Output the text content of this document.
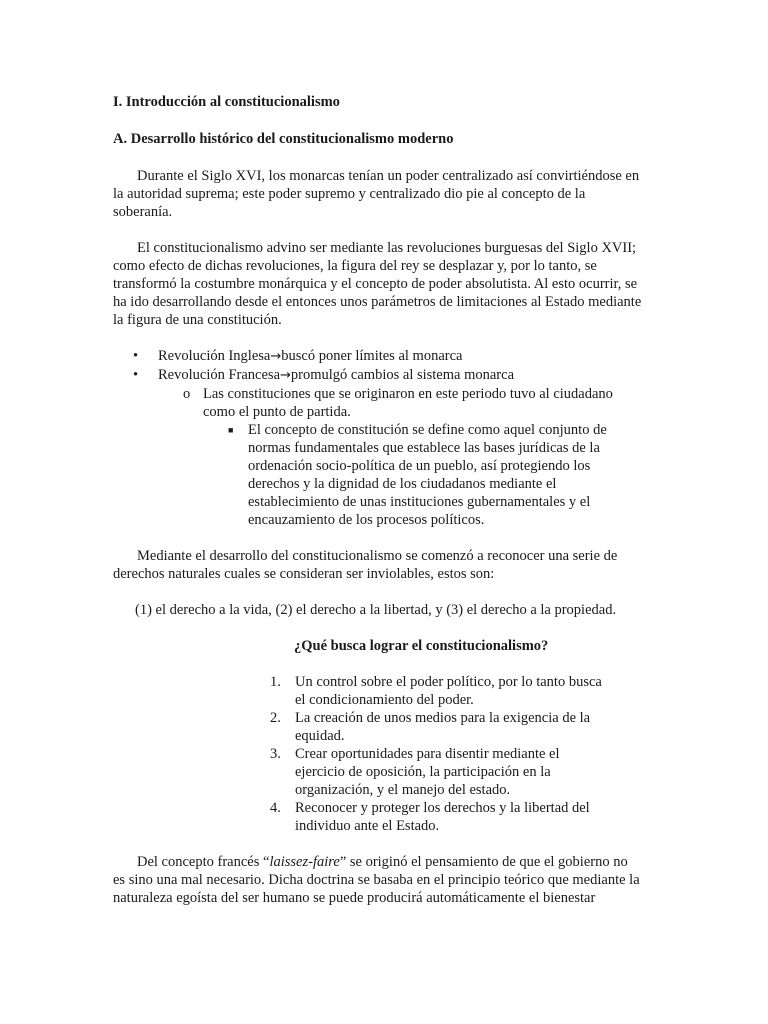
I. Introducción al constitucionalismo
A. Desarrollo histórico del constitucionalismo moderno

Durante el Siglo XVI, los monarcas tenían un poder centralizado así convirtiéndose en la autoridad suprema; este poder supremo y centralizado dio pie al concepto de la soberanía.

El constitucionalismo advino ser mediante las revoluciones burguesas del Siglo XVII; como efecto de dichas revoluciones, la figura del rey se desplazar y, por lo tanto, se transformó la costumbre monárquica y el concepto de poder absolutista. Al esto ocurrir, se ha ido desarrollando desde el entonces unos parámetros de limitaciones al Estado mediante la figura de una constitución.

• Revolución Inglesa→buscó poner límites al monarca
• Revolución Francesa→promulgó cambios al sistema monarca
o Las constituciones que se originaron en este periodo tuvo al ciudadano como el punto de partida.
■ El concepto de constitución se define como aquel conjunto de normas fundamentales que establece las bases jurídicas de la ordenación socio-política de un pueblo, así protegiendo los derechos y la dignidad de los ciudadanos mediante el establecimiento de unas instituciones gubernamentales y el encauzamiento de los procesos políticos.

Mediante el desarrollo del constitucionalismo se comenzó a reconocer una serie de derechos naturales cuales se consideran ser inviolables, estos son:

(1) el derecho a la vida, (2) el derecho a la libertad, y (3) el derecho a la propiedad.
¿Qué busca lograr el constitucionalismo?
1. Un control sobre el poder político, por lo tanto busca el condicionamiento del poder.
2. La creación de unos medios para la exigencia de la equidad.
3. Crear oportunidades para disentir mediante el ejercicio de oposición, la participación en la organización, y el manejo del estado.
4. Reconocer y proteger los derechos y la libertad del individuo ante el Estado.

Del concepto francés “laissez-faire” se originó el pensamiento de que el gobierno no es sino una mal necesario. Dicha doctrina se basaba en el principio teórico que mediante la naturaleza egoísta del ser humano se puede producirá automáticamente el bienestar
